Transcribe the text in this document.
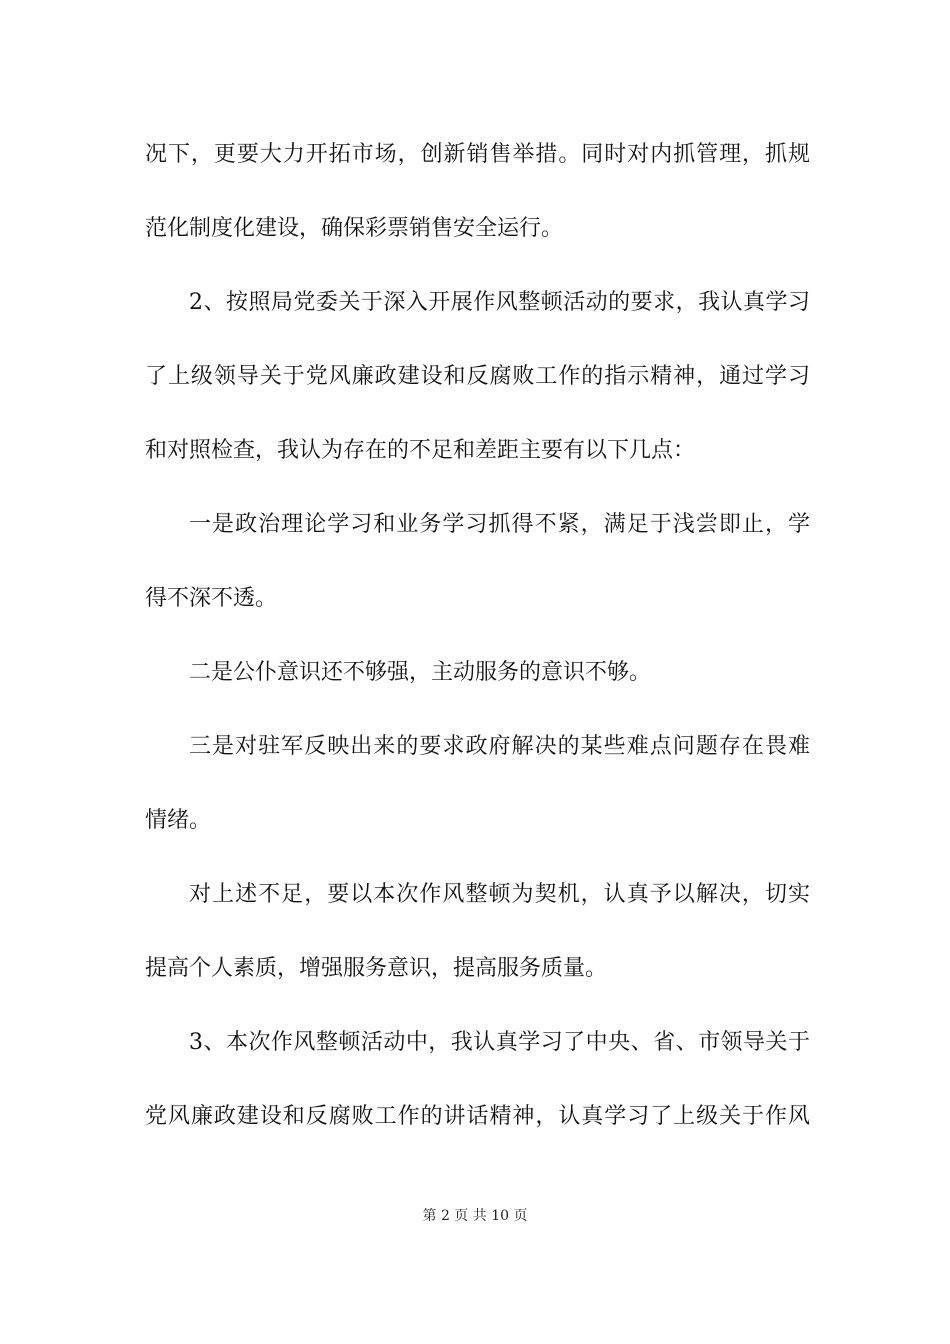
况下，更要大力开拓市场，创新销售举措。同时对内抓管理，抓规
范化制度化建设，确保彩票销售安全运行。
2、按照局党委关于深入开展作风整顿活动的要求，我认真学习
了上级领导关于党风廉政建设和反腐败工作的指示精神，通过学习
和对照检查，我认为存在的不足和差距主要有以下几点：
一是政治理论学习和业务学习抓得不紧，满足于浅尝即止，学
得不深不透。
二是公仆意识还不够强，主动服务的意识不够。
三是对驻军反映出来的要求政府解决的某些难点问题存在畏难
情绪。
对上述不足，要以本次作风整顿为契机，认真予以解决，切实
提高个人素质，增强服务意识，提高服务质量。
3、本次作风整顿活动中，我认真学习了中央、省、市领导关于
党风廉政建设和反腐败工作的讲话精神，认真学习了上级关于作风
第 2 页 共 10 页
